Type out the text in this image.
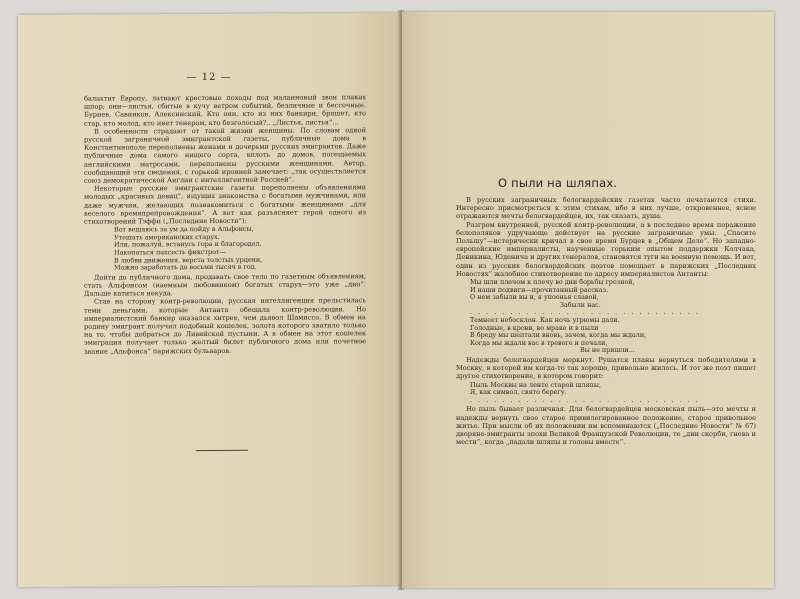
— 12 —

балахтит Европу, латвают крестовые походы под маланновый звон плаках шпор; они—листья, сбитые в кучу ветром событий, безличные и бессочные. Буриев, Савинков, Алексинский. Кто они, кто из них банкирн, бряшет, кто стар, кто молод, кто инет тенером, кто безголосый?.. „Листья, листья“...

В особенности страдают от такой жизни женщины. По словам одной русской заграничной эмигрантской газеты, публичные дома в Константинополе переполнены женами и дочерьми русских эмигрантов. Даже публичные дома самого нищего сорта, вплоть до домов, посещаемых английскими матросами, переполнены русскими женщинами. Автор, сообщающий эти сведения, с горькой иронией замечает: „так осуществляется союз демократической Англии с интеллигентной Россией“.

Некоторые русские эмигрантские газеты переполнены объявлениями молодых „красивых девиц“, ищущих знакомства с богатыми мужчинами, или даже мужчин, желающих познакомиться с богатыми женщинами „для веселого времяпрепровождения“. А вот как разъясняет герой одного из стихотворений Тэффи („Последние Новости“):

Вот вешаюсь за ум да пойду в Альфонсы,
Утешать американских старух.
Или, пожалуй, встанусь гора и благородел.
Накопаться пахсесть фикстрот—
В любви движения, верста толстых урцени,
Можно заработать до восьми тысяч в год.

Дойти до публичного дома, продавать свое тело по газетным объявлениям, стать Альфонсом (наемным любовником) богатых старух—это уже „дно“. Дальше катиться некуда.

Став на сторону контр-революции, русская интеллигенция прельстилась теми деньгами, которые Антанта обещала контр-революции. Но империалистский банкир оказался хитрее, чем дьявол Шамиссо. В обмен на родину эмигрант получил подобный кошелек, золота которого хватило только на то, чтобы добраться до Ливийской пустыни. А в обмен на этот кошелек эмиграция получает только желтый билет публичного дома или почетное звание „Альфонса“ парижских бульваров.

О пыли на шляпах.

В русских заграничных белогвардейских газетах часто печатаются стихи. Интересно присмотреться к этим стихам, ибо в них лучше, откровеннее, ясное отражаются мечты белогвардейцев, их, так сказать, душа.

Разгром внутренней, русской контр-революции, а в последнее время поражение белополяков удручающе действует на русские заграничные умы. „Спасите Польшу“—истерически кричал в свое время Бурцев в „Общем Деле“. Но западно-европейские империалисты, наученные горьким опытом поддержки Колчака, Деникина, Юденича и других генералов, становятся туги на военную помощь. И вот, один из русских белогвардейских поэтов помещает в парижских „Последних Новостях“ жалобное стихотворение по адресу империалистов Антанты:

Мы шли плечом к плечу во дни борьбы грозной,
И наши подвиги—прочитанный рассказ.
О нем забыли вы и, я упоенья славой,
Забыли нас.
. . . . . . . . . . . . . . . . . . . . . . . . . . . . .
Темнеет небосклон. Как ночь угрюмы дали.
Голодные, в крови, во мраке и в пыли
В бреду мы шептали вновь, зачем, когда мы ждали,
Когда мы ждали вас в тревоге и печали,
Вы не пришли...

Надежды белогвардейцев меркнут. Рушатся планы вернуться победителями в Москву, в которой им когда-то так хорошо, привольно жилось. И тот же поэт пишет другое стихотворение, в котором говорит:

Пыль Москвы на ленте старой шляпы,
Я, как символ, свято берегу.
. . . . . . . . . . . . . . . . . . . . . . . . . . . . .

Но пыль бывает различная. Для белогвардейцев московская пыль—это мечты и надежды вернуть свое старое привилегированное положение, старое привольное житье. При мысли об их положении им вспоминаются („Последние Новости“ № 67) дворяне-эмигранты эпохи Великой Французской Революции, те „дни скорби, гнева и мести“, когда „падали шляпы и головы вместе“.
